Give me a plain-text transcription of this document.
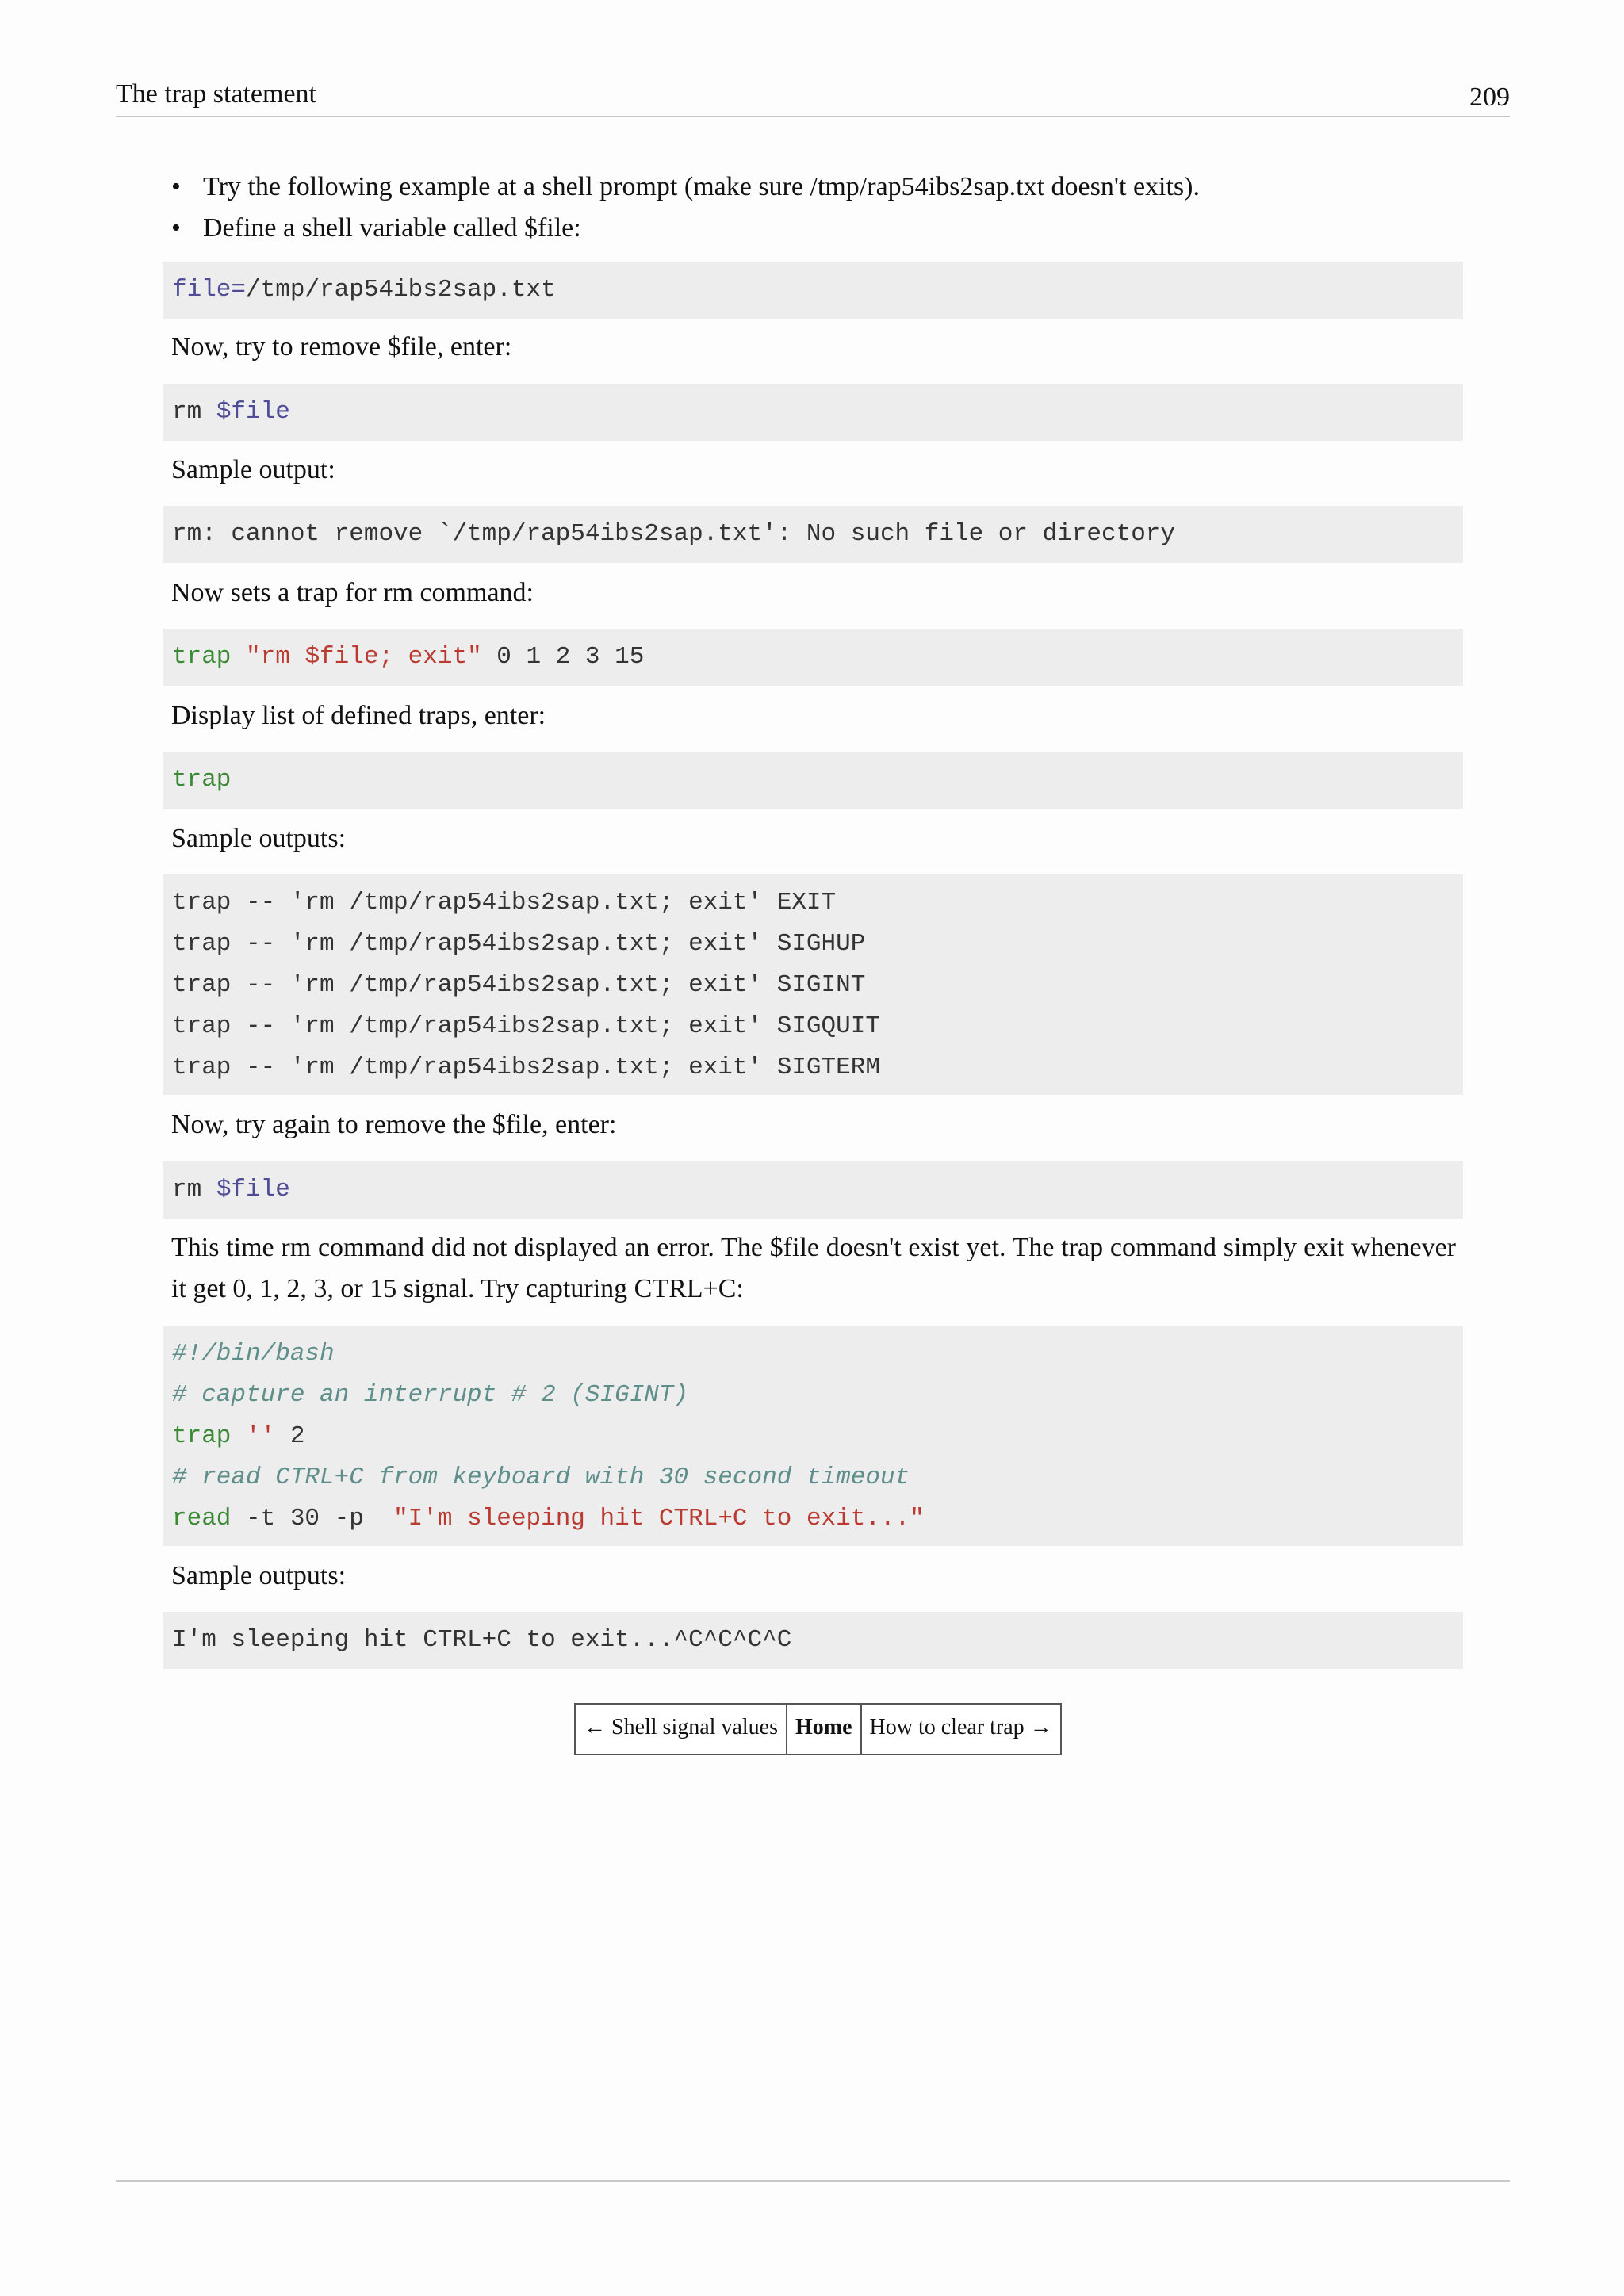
The trap statement	209
• Try the following example at a shell prompt (make sure /tmp/rap54ibs2sap.txt doesn't exits).
• Define a shell variable called $file:
file=/tmp/rap54ibs2sap.txt
Now, try to remove $file, enter:
rm $file
Sample output:
rm: cannot remove `/tmp/rap54ibs2sap.txt': No such file or directory
Now sets a trap for rm command:
trap "rm $file; exit" 0 1 2 3 15
Display list of defined traps, enter:
trap
Sample outputs:
trap -- 'rm /tmp/rap54ibs2sap.txt; exit' EXIT
trap -- 'rm /tmp/rap54ibs2sap.txt; exit' SIGHUP
trap -- 'rm /tmp/rap54ibs2sap.txt; exit' SIGINT
trap -- 'rm /tmp/rap54ibs2sap.txt; exit' SIGQUIT
trap -- 'rm /tmp/rap54ibs2sap.txt; exit' SIGTERM
Now, try again to remove the $file, enter:
rm $file
This time rm command did not displayed an error. The $file doesn't exist yet. The trap command simply exit whenever it get 0, 1, 2, 3, or 15 signal. Try capturing CTRL+C:
#!/bin/bash
# capture an interrupt # 2 (SIGINT)
trap '' 2
# read CTRL+C from keyboard with 30 second timeout
read -t 30 -p  "I'm sleeping hit CTRL+C to exit..."
Sample outputs:
I'm sleeping hit CTRL+C to exit...^C^C^C^C
← Shell signal values Home How to clear trap →
